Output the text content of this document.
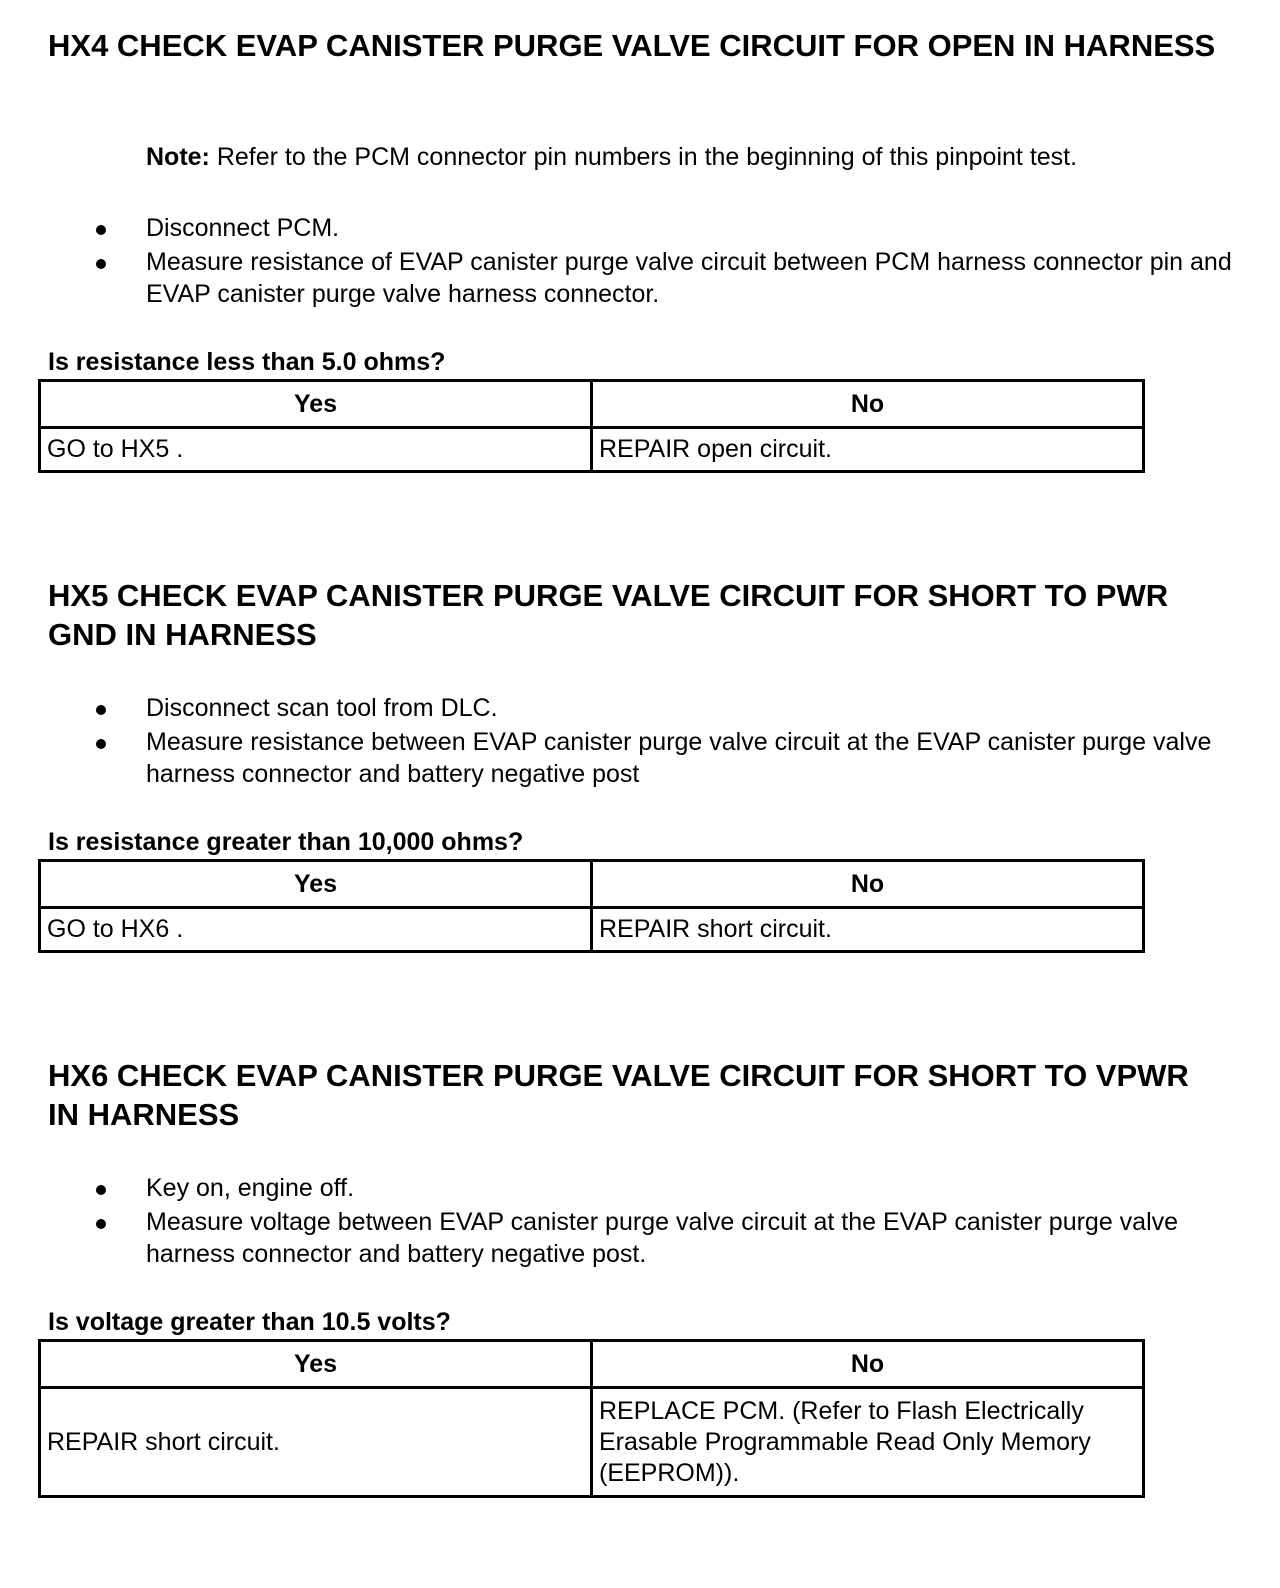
HX4 CHECK EVAP CANISTER PURGE VALVE CIRCUIT FOR OPEN IN HARNESS

Note: Refer to the PCM connector pin numbers in the beginning of this pinpoint test.

Disconnect PCM.
Measure resistance of EVAP canister purge valve circuit between PCM harness connector pin and EVAP canister purge valve harness connector.

Is resistance less than 5.0 ohms?

Yes	No
GO to HX5 .	REPAIR open circuit.
HX5 CHECK EVAP CANISTER PURGE VALVE CIRCUIT FOR SHORT TO PWR GND IN HARNESS
Disconnect scan tool from DLC.
Measure resistance between EVAP canister purge valve circuit at the EVAP canister purge valve harness connector and battery negative post

Is resistance greater than 10,000 ohms?

Yes	No
GO to HX6 .	REPAIR short circuit.
HX6 CHECK EVAP CANISTER PURGE VALVE CIRCUIT FOR SHORT TO VPWR IN HARNESS
Key on, engine off.
Measure voltage between EVAP canister purge valve circuit at the EVAP canister purge valve harness connector and battery negative post.

Is voltage greater than 10.5 volts?

Yes	No
REPAIR short circuit.	REPLACE PCM. (Refer to Flash Electrically Erasable Programmable Read Only Memory (EEPROM)).
